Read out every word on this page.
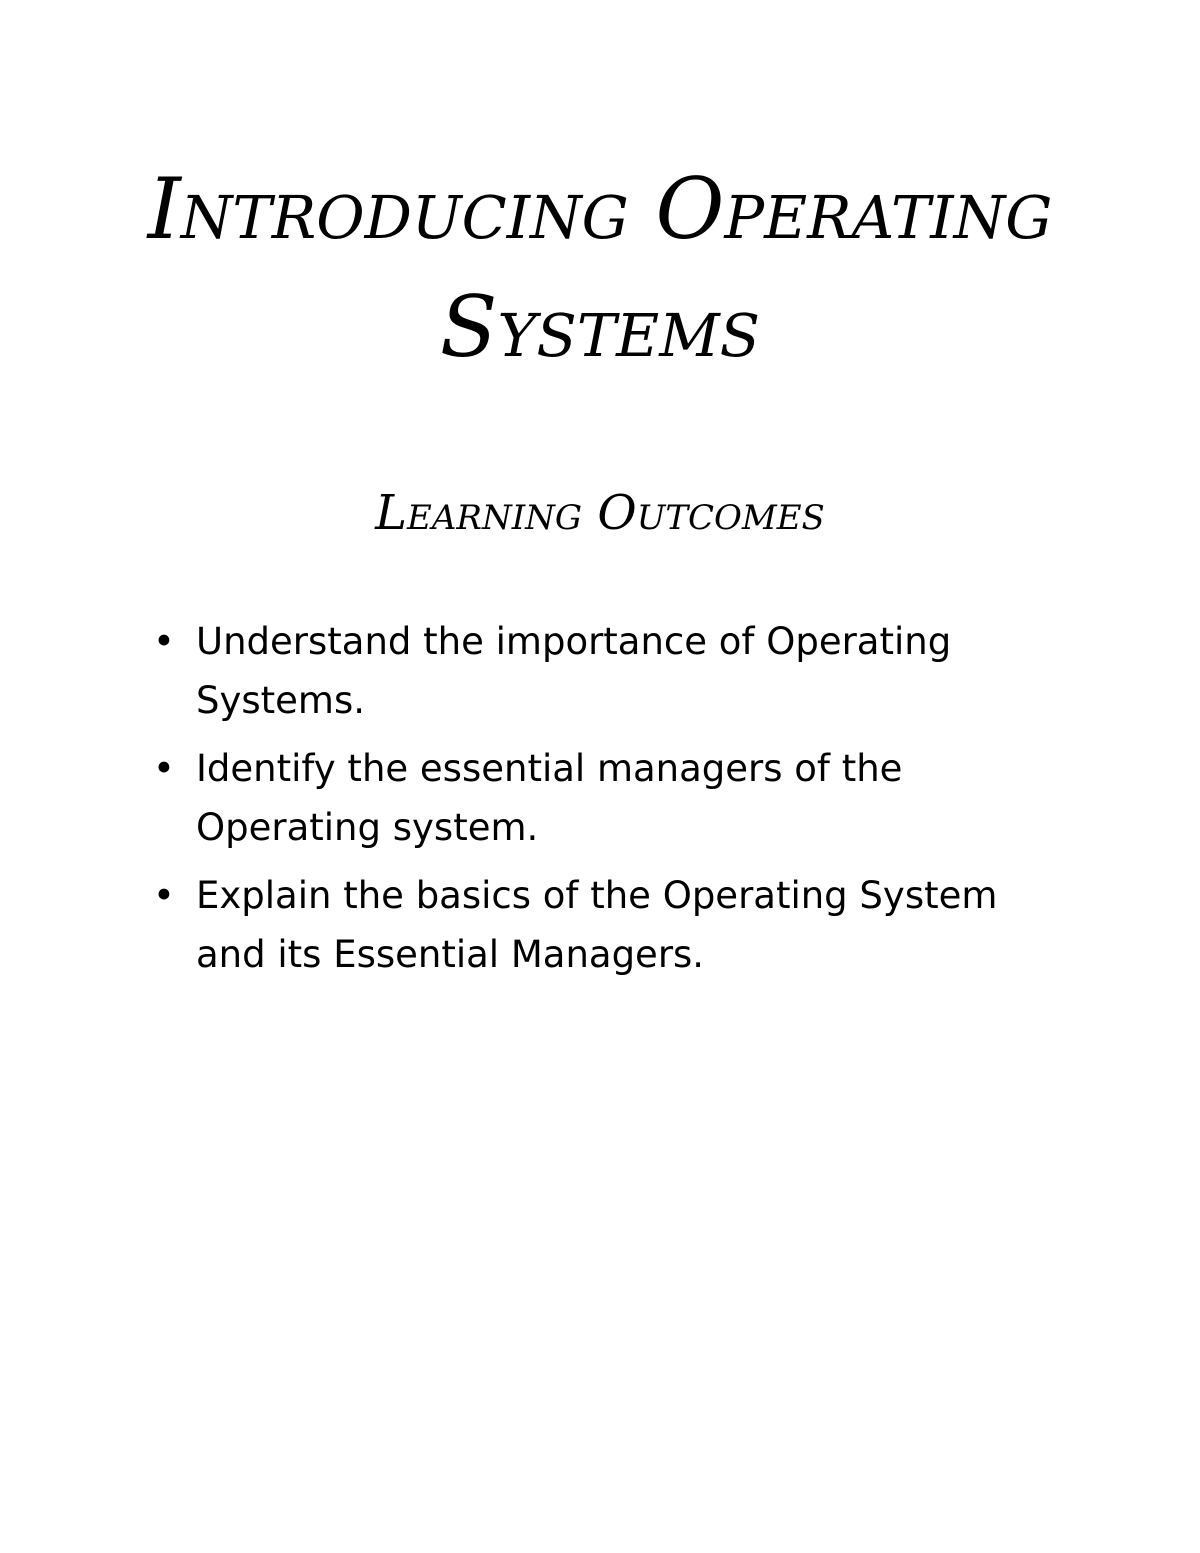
Introducing Operating
Systems
Learning Outcomes
• Understand the importance of Operating Systems.
• Identify the essential managers of the Operating system.
• Explain the basics of the Operating System and its Essential Managers.
